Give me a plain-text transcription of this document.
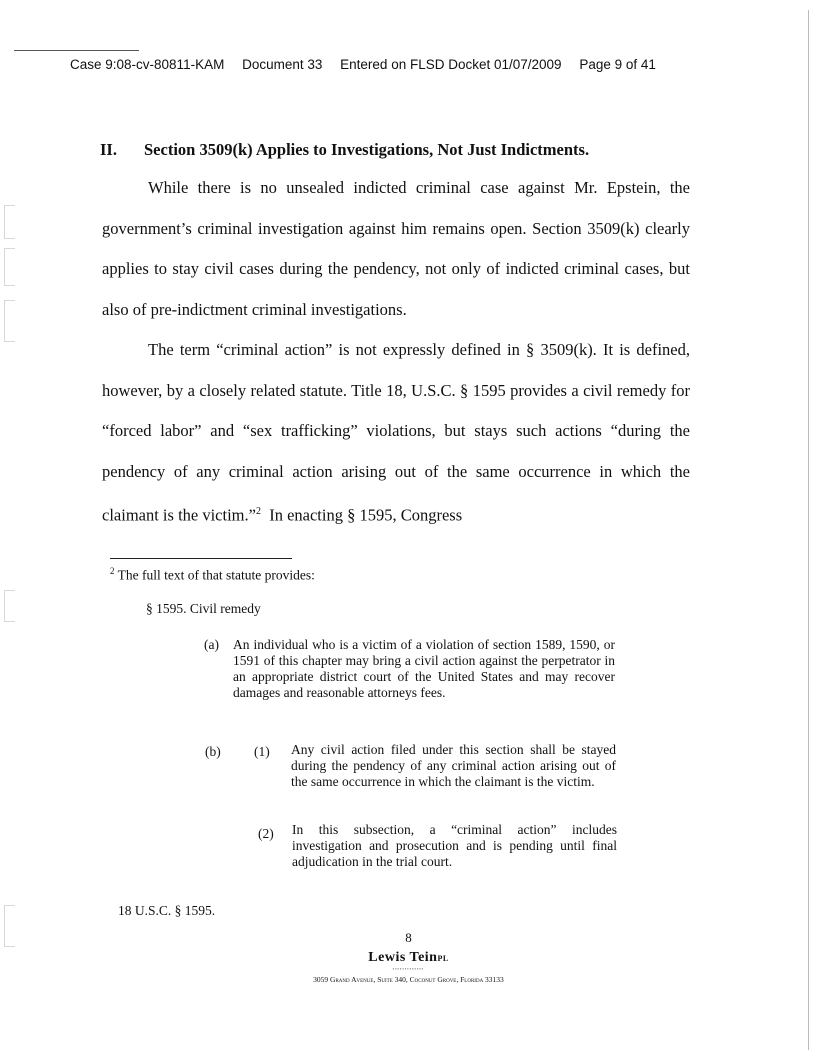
Case 9:08-cv-80811-KAM Document 33 Entered on FLSD Docket 01/07/2009 Page 9 of 41
II. Section 3509(k) Applies to Investigations, Not Just Indictments.

While there is no unsealed indicted criminal case against Mr. Epstein, the government’s criminal investigation against him remains open. Section 3509(k) clearly applies to stay civil cases during the pendency, not only of indicted criminal cases, but also of pre-indictment criminal investigations.

The term “criminal action” is not expressly defined in § 3509(k). It is defined, however, by a closely related statute. Title 18, U.S.C. § 1595 provides a civil remedy for “forced labor” and “sex trafficking” violations, but stays such actions “during the pendency of any criminal action arising out of the same occurrence in which the claimant is the victim.”$^2$ In enacting § 1595, Congress

$^2$ The full text of that statute provides:
§ 1595. Civil remedy
(a) An individual who is a victim of a violation of section 1589, 1590, or 1591 of this chapter may bring a civil action against the perpetrator in an appropriate district court of the United States and may recover damages and reasonable attorneys fees.
(b) (1) Any civil action filed under this section shall be stayed during the pendency of any criminal action arising out of the same occurrence in which the claimant is the victim.
(2) In this subsection, a “criminal action” includes investigation and prosecution and is pending until final adjudication in the trial court.
18 U.S.C. § 1595.
8
Lewis TeinPL
▪▪▪▪▪▪▪▪▪▪▪▪▪
3059 Grand Avenue, Suite 340, Coconut Grove, Florida 33133
